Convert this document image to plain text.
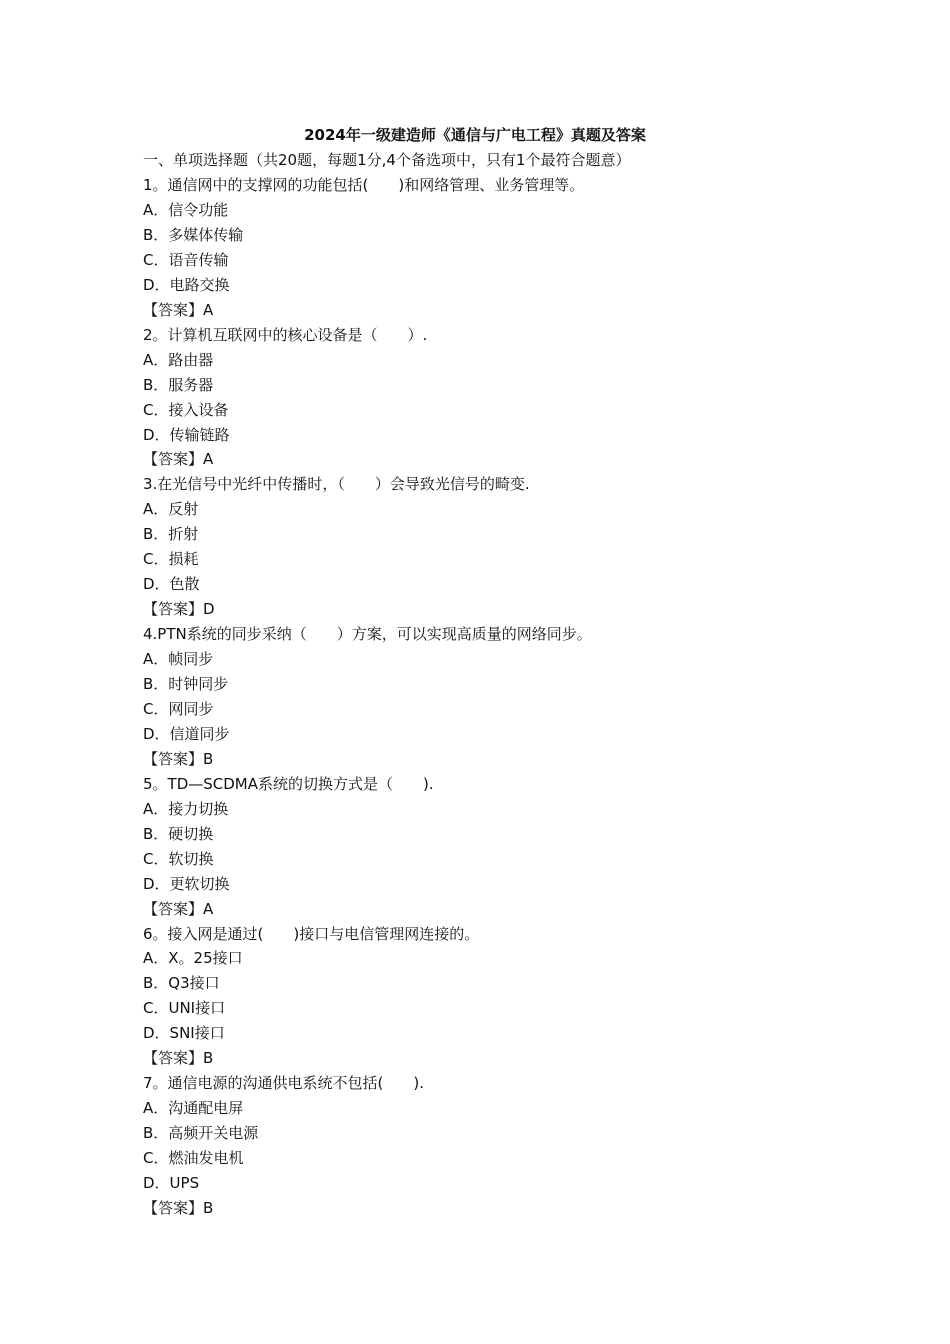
2024年一级建造师《通信与广电工程》真题及答案
一、单项选择题（共20题，每题1分,4个备选项中，只有1个最符合题意）
1。通信网中的支撑网的功能包括(　　)和网络管理、业务管理等。
A．信令功能
B．多媒体传输
C．语音传输
D．电路交换
【答案】A
2。计算机互联网中的核心设备是（　　）.
A．路由器
B．服务器
C．接入设备
D．传输链路
【答案】A
3.在光信号中光纤中传播时，（　　）会导致光信号的畸变.
A．反射
B．折射
C．损耗
D．色散
【答案】D
4.PTN系统的同步采纳（　　）方案，可以实现高质量的网络同步。
A．帧同步
B．时钟同步
C．网同步
D．信道同步
【答案】B
5。TD—SCDMA系统的切换方式是（　　).
A．接力切换
B．硬切换
C．软切换
D．更软切换
【答案】A
6。接入网是通过(　　)接口与电信管理网连接的。
A．X。25接口
B．Q3接口
C．UNI接口
D．SNI接口
【答案】B
7。通信电源的沟通供电系统不包括(　　).
A．沟通配电屏
B．高频开关电源
C．燃油发电机
D．UPS
【答案】B
